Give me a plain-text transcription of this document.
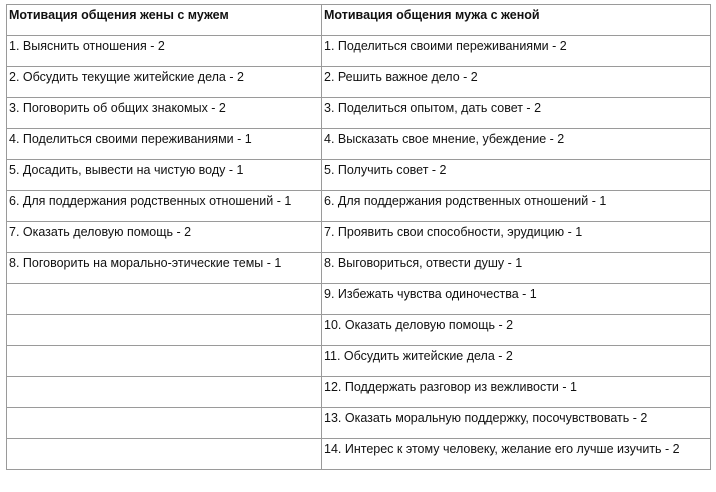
Мотивация общения жены с мужем	Мотивация общения мужа с женой
1. Выяснить отношения - 2	1. Поделиться своими переживаниями - 2
2. Обсудить текущие житейские дела - 2	2. Решить важное дело - 2
3. Поговорить об общих знакомых - 2	3. Поделиться опытом, дать совет - 2
4. Поделиться своими переживаниями - 1	4. Высказать свое мнение, убеждение - 2
5. Досадить, вывести на чистую воду - 1	5. Получить совет - 2
6. Для поддержания родственных отношений - 1	6. Для поддержания родственных отношений - 1
7. Оказать деловую помощь - 2	7. Проявить свои способности, эрудицию - 1
8. Поговорить на морально-этические темы - 1	8. Выговориться, отвести душу - 1
	9. Избежать чувства одиночества - 1
	10. Оказать деловую помощь - 2
	11. Обсудить житейские дела - 2
	12. Поддержать разговор из вежливости - 1
	13. Оказать моральную поддержку, посочувствовать - 2
	14. Интерес к этому человеку, желание его лучше изучить - 2
